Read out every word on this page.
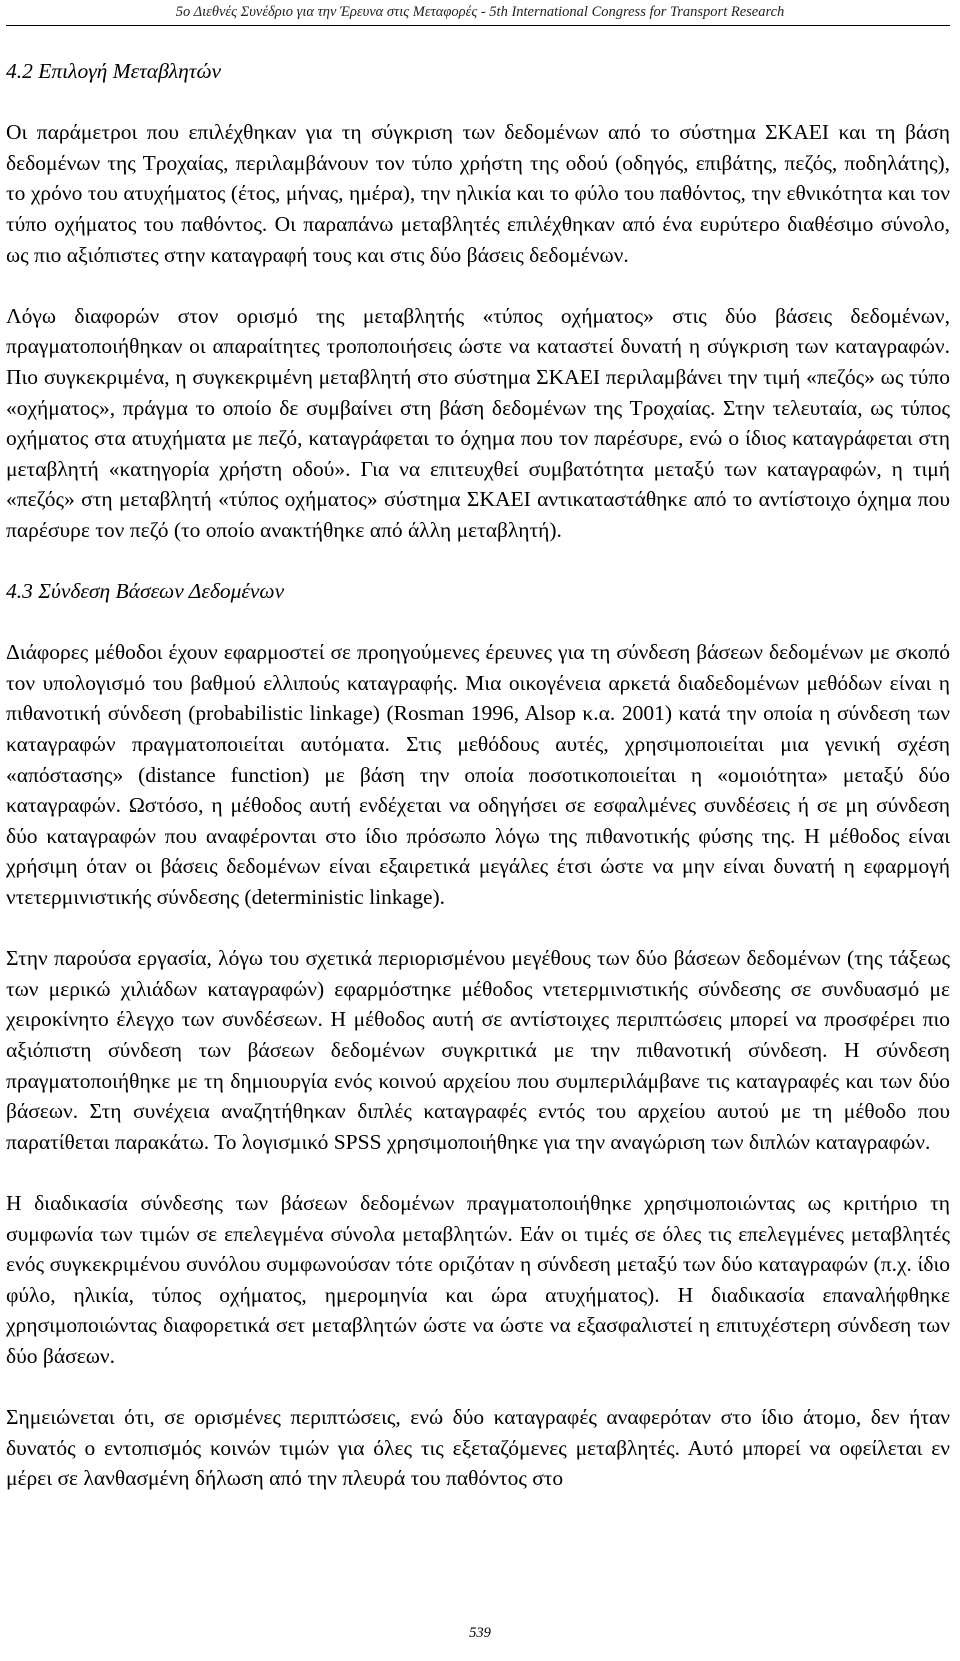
5ο Διεθνές Συνέδριο για την Έρευνα στις Μεταφορές - 5th International Congress for Transport Research
4.2 Επιλογή Μεταβλητών

Οι παράμετροι που επιλέχθηκαν για τη σύγκριση των δεδομένων από το σύστημα ΣΚΑΕΙ και τη βάση δεδομένων της Τροχαίας, περιλαμβάνουν τον τύπο χρήστη της οδού (οδηγός, επιβάτης, πεζός, ποδηλάτης), το χρόνο του ατυχήματος (έτος, μήνας, ημέρα), την ηλικία και το φύλο του παθόντος, την εθνικότητα και τον τύπο οχήματος του παθόντος. Οι παραπάνω μεταβλητές επιλέχθηκαν από ένα ευρύτερο διαθέσιμο σύνολο, ως πιο αξιόπιστες στην καταγραφή τους και στις δύο βάσεις δεδομένων.

Λόγω διαφορών στον ορισμό της μεταβλητής «τύπος οχήματος» στις δύο βάσεις δεδομένων, πραγματοποιήθηκαν οι απαραίτητες τροποποιήσεις ώστε να καταστεί δυνατή η σύγκριση των καταγραφών. Πιο συγκεκριμένα, η συγκεκριμένη μεταβλητή στο σύστημα ΣΚΑΕΙ περιλαμβάνει την τιμή «πεζός» ως τύπο «οχήματος», πράγμα το οποίο δε συμβαίνει στη βάση δεδομένων της Τροχαίας. Στην τελευταία, ως τύπος οχήματος στα ατυχήματα με πεζό, καταγράφεται το όχημα που τον παρέσυρε, ενώ ο ίδιος καταγράφεται στη μεταβλητή «κατηγορία χρήστη οδού». Για να επιτευχθεί συμβατότητα μεταξύ των καταγραφών, η τιμή «πεζός» στη μεταβλητή «τύπος οχήματος» σύστημα ΣΚΑΕΙ αντικαταστάθηκε από το αντίστοιχο όχημα που παρέσυρε τον πεζό (το οποίο ανακτήθηκε από άλλη μεταβλητή).

4.3 Σύνδεση Βάσεων Δεδομένων

Διάφορες μέθοδοι έχουν εφαρμοστεί σε προηγούμενες έρευνες για τη σύνδεση βάσεων δεδομένων με σκοπό τον υπολογισμό του βαθμού ελλιπούς καταγραφής. Μια οικογένεια αρκετά διαδεδομένων μεθόδων είναι η πιθανοτική σύνδεση (probabilistic linkage) (Rosman 1996, Alsop κ.α. 2001) κατά την οποία η σύνδεση των καταγραφών πραγματοποιείται αυτόματα. Στις μεθόδους αυτές, χρησιμοποιείται μια γενική σχέση «απόστασης» (distance function) με βάση την οποία ποσοτικοποιείται η «ομοιότητα» μεταξύ δύο καταγραφών. Ωστόσο, η μέθοδος αυτή ενδέχεται να οδηγήσει σε εσφαλμένες συνδέσεις ή σε μη σύνδεση δύο καταγραφών που αναφέρονται στο ίδιο πρόσωπο λόγω της πιθανοτικής φύσης της. Η μέθοδος είναι χρήσιμη όταν οι βάσεις δεδομένων είναι εξαιρετικά μεγάλες έτσι ώστε να μην είναι δυνατή η εφαρμογή ντετερμινιστικής σύνδεσης (deterministic linkage).

Στην παρούσα εργασία, λόγω του σχετικά περιορισμένου μεγέθους των δύο βάσεων δεδομένων (της τάξεως των μερικώ χιλιάδων καταγραφών) εφαρμόστηκε μέθοδος ντετερμινιστικής σύνδεσης σε συνδυασμό με χειροκίνητο έλεγχο των συνδέσεων. Η μέθοδος αυτή σε αντίστοιχες περιπτώσεις μπορεί να προσφέρει πιο αξιόπιστη σύνδεση των βάσεων δεδομένων συγκριτικά με την πιθανοτική σύνδεση. Η σύνδεση πραγματοποιήθηκε με τη δημιουργία ενός κοινού αρχείου που συμπεριλάμβανε τις καταγραφές και των δύο βάσεων. Στη συνέχεια αναζητήθηκαν διπλές καταγραφές εντός του αρχείου αυτού με τη μέθοδο που παρατίθεται παρακάτω. Το λογισμικό SPSS χρησιμοποιήθηκε για την αναγώριση των διπλών καταγραφών.

Η διαδικασία σύνδεσης των βάσεων δεδομένων πραγματοποιήθηκε χρησιμοποιώντας ως κριτήριο τη συμφωνία των τιμών σε επελεγμένα σύνολα μεταβλητών. Εάν οι τιμές σε όλες τις επελεγμένες μεταβλητές ενός συγκεκριμένου συνόλου συμφωνούσαν τότε οριζόταν η σύνδεση μεταξύ των δύο καταγραφών (π.χ. ίδιο φύλο, ηλικία, τύπος οχήματος, ημερομηνία και ώρα ατυχήματος). Η διαδικασία επαναλήφθηκε χρησιμοποιώντας διαφορετικά σετ μεταβλητών ώστε να ώστε να εξασφαλιστεί η επιτυχέστερη σύνδεση των δύο βάσεων.

Σημειώνεται ότι, σε ορισμένες περιπτώσεις, ενώ δύο καταγραφές αναφερόταν στο ίδιο άτομο, δεν ήταν δυνατός ο εντοπισμός κοινών τιμών για όλες τις εξεταζόμενες μεταβλητές. Αυτό μπορεί να οφείλεται εν μέρει σε λανθασμένη δήλωση από την πλευρά του παθόντος στο

539
